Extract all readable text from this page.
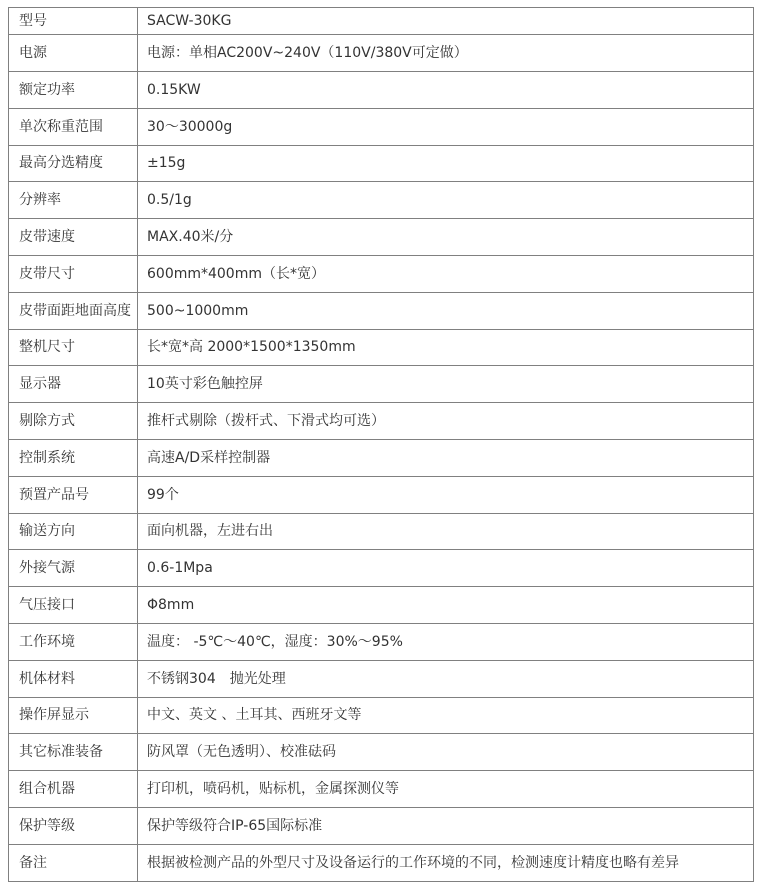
型号	SACW-30KG
电源	电源：单相AC200V~240V（110V/380V可定做）
额定功率	0.15KW
单次称重范围	30～30000g
最高分选精度	±15g
分辨率	0.5/1g
皮带速度	MAX.40米/分
皮带尺寸	600mm*400mm（长*宽）
皮带面距地面高度	500~1000mm
整机尺寸	长*宽*高 2000*1500*1350mm
显示器	10英寸彩色触控屏
剔除方式	推杆式剔除（拨杆式、下滑式均可选）
控制系统	高速A/D采样控制器
预置产品号	99个
输送方向	面向机器，左进右出
外接气源	0.6-1Mpa
气压接口	Φ8mm
工作环境	温度： -5℃～40℃，湿度：30%～95%
机体材料	不锈钢304　抛光处理
操作屏显示	中文、英文 、土耳其、西班牙文等
其它标准装备	防风罩（无色透明）、校准砝码
组合机器	打印机，喷码机，贴标机，金属探测仪等
保护等级	保护等级符合IP-65国际标准
备注	根据被检测产品的外型尺寸及设备运行的工作环境的不同，检测速度计精度也略有差异
